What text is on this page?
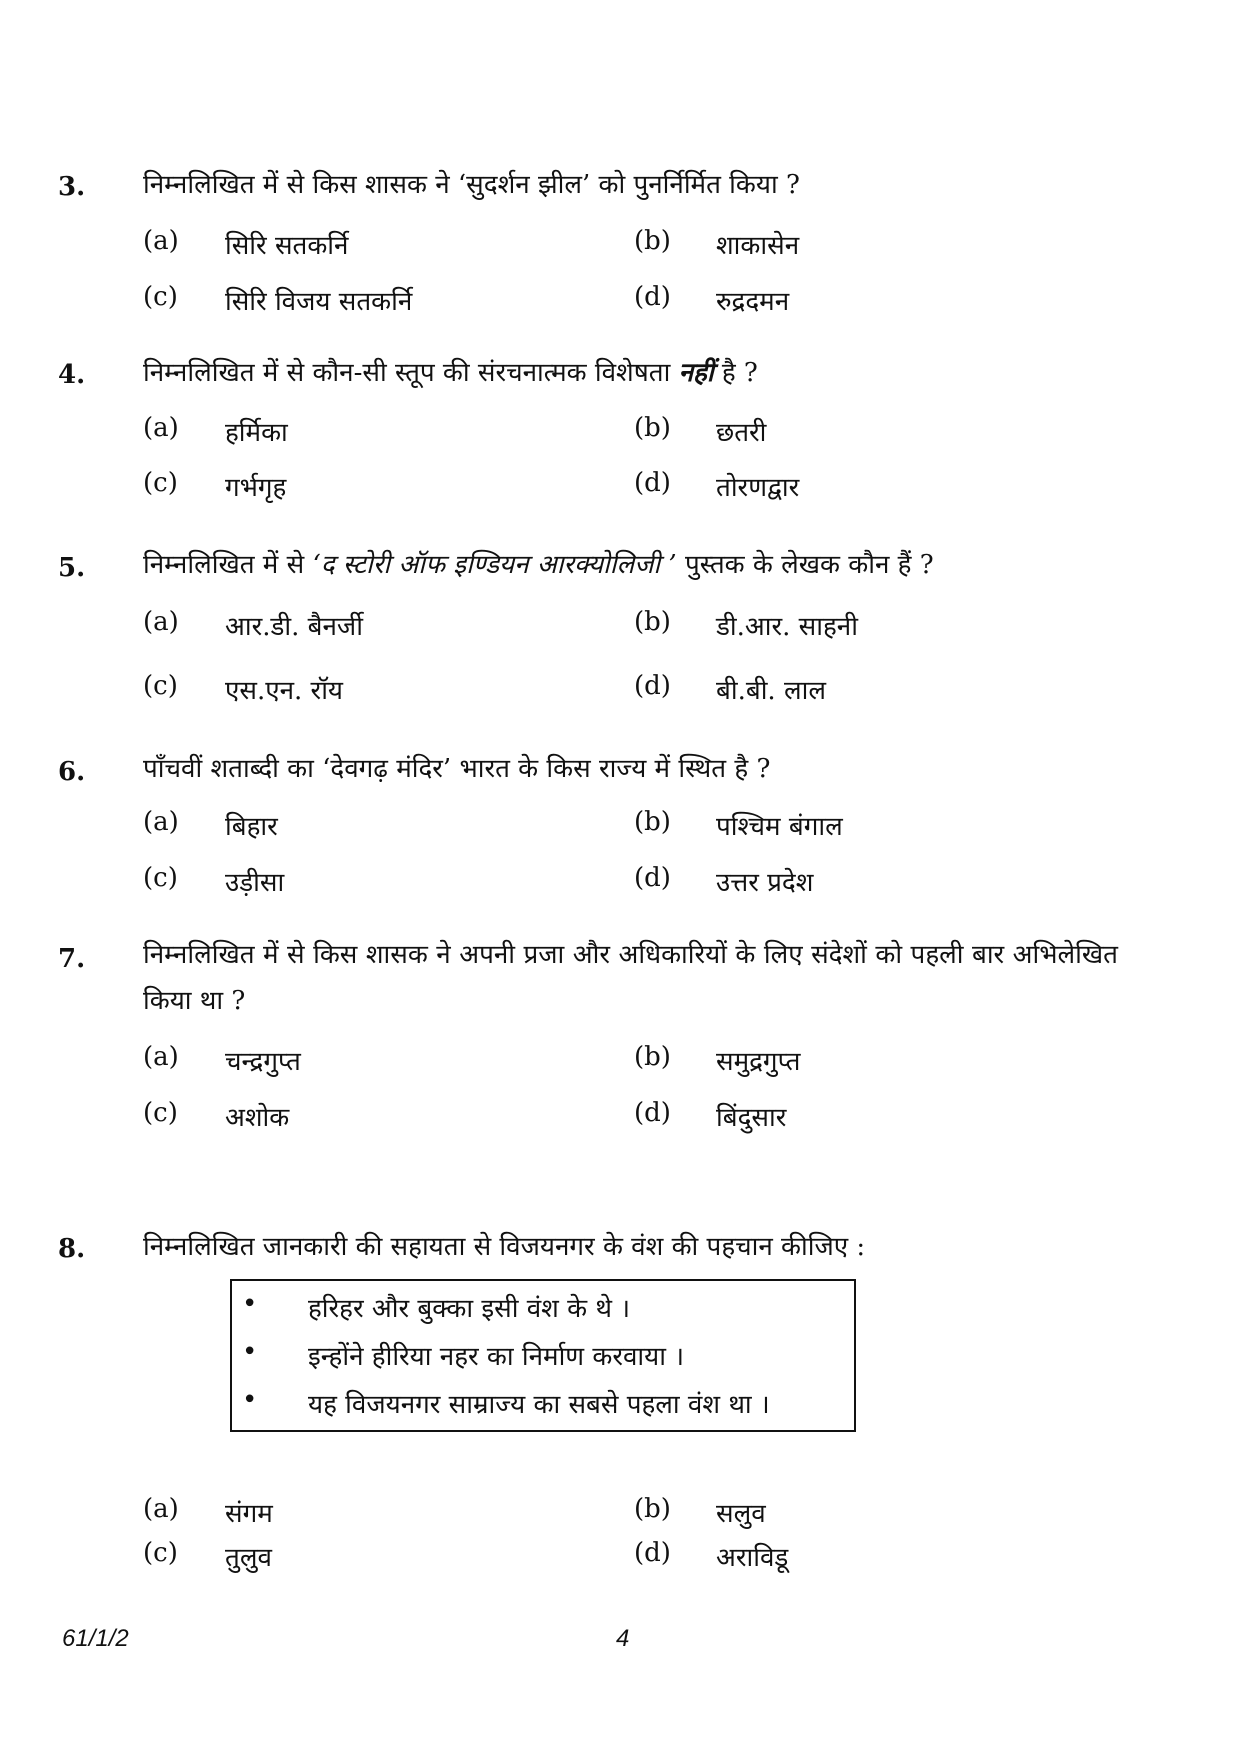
3. निम्नलिखित में से किस शासक ने ‘सुदर्शन झील’ को पुनर्निर्मित किया ?
(a)	सिरि सतकर्नि	(b)	शाकासेन
(c)	सिरि विजय सतकर्नि	(d)	रुद्रदमन
4. निम्नलिखित में से कौन-सी स्तूप की संरचनात्मक विशेषता नहीं है ?
(a)	हर्मिका	(b)	छतरी
(c)	गर्भगृह	(d)	तोरणद्वार
5. निम्नलिखित में से ‘द स्टोरी ऑफ इण्डियन आरक्योलिजी ’ पुस्तक के लेखक कौन हैं ?
(a)	आर.डी. बैनर्जी	(b)	डी.आर. साहनी
(c)	एस.एन. रॉय	(d)	बी.बी. लाल
6. पाँचवीं शताब्दी का ‘देवगढ़ मंदिर’ भारत के किस राज्य में स्थित है ?
(a)	बिहार	(b)	पश्चिम बंगाल
(c)	उड़ीसा	(d)	उत्तर प्रदेश
7. निम्नलिखित में से किस शासक ने अपनी प्रजा और अधिकारियों के लिए संदेशों को पहली बार अभिलेखित किया था ?
(a)	चन्द्रगुप्त	(b)	समुद्रगुप्त
(c)	अशोक	(d)	बिंदुसार
8. निम्नलिखित जानकारी की सहायता से विजयनगर के वंश की पहचान कीजिए :
• हरिहर और बुक्का इसी वंश के थे ।
• इन्होंने हीरिया नहर का निर्माण करवाया ।
• यह विजयनगर साम्राज्य का सबसे पहला वंश था ।
(a)	संगम	(b)	सलुव
(c)	तुलुव	(d)	अराविडू
61/1/2	4
